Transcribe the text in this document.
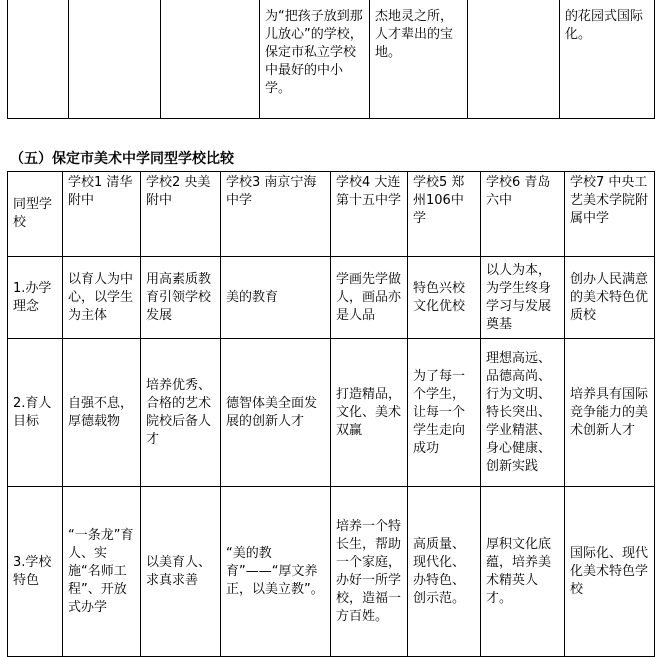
			为“把孩子放到那儿放心”的学校，保定市私立学校中最好的中小学。	杰地灵之所，人才辈出的宝地。		的花园式国际化。
（五）保定市美术中学同型学校比较
同型学校	学校1 清华附中	学校2 央美附中	学校3 南京宁海中学	学校4 大连第十五中学	学校5 郑州106中学	学校6 青岛六中	学校7 中央工艺美术学院附属中学
1.办学理念	以育人为中心，以学生为主体	用高素质教育引领学校发展	美的教育	学画先学做人，画品亦是人品	特色兴校 文化优校	以人为本，为学生终身学习与发展奠基	创办人民满意的美术特色优质校
2.育人目标	自强不息，厚德载物	培养优秀、合格的艺术院校后备人才	德智体美全面发展的创新人才	打造精品，文化、美术双赢	为了每一个学生，让每一个学生走向成功	理想高远、品德高尚、行为文明、特长突出、学业精湛、身心健康、创新实践	培养具有国际竞争能力的美术创新人才
3.学校特色	“一条龙”育人、实施“名师工程”、开放式办学	以美育人、求真求善	“美的教育”——“厚文养正，以美立教”。	培养一个特长生，帮助一个家庭，办好一所学校，造福一方百姓。	高质量、现代化、办特色、创示范。	厚积文化底蕴，培养美术精英人才。	国际化、现代化美术特色学校
